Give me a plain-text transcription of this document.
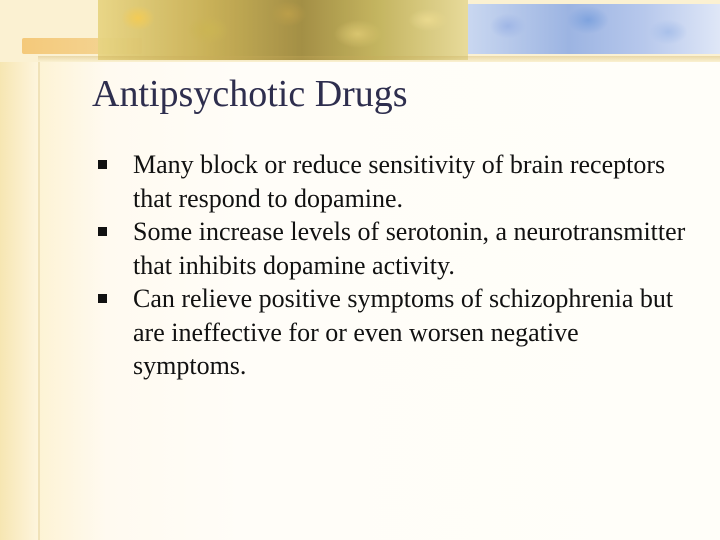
Antipsychotic Drugs
Many block or reduce sensitivity of brain receptors that respond to dopamine.
Some increase levels of serotonin, a neurotransmitter that inhibits dopamine activity.
Can relieve positive symptoms of schizophrenia but are ineffective for or even worsen negative symptoms.
